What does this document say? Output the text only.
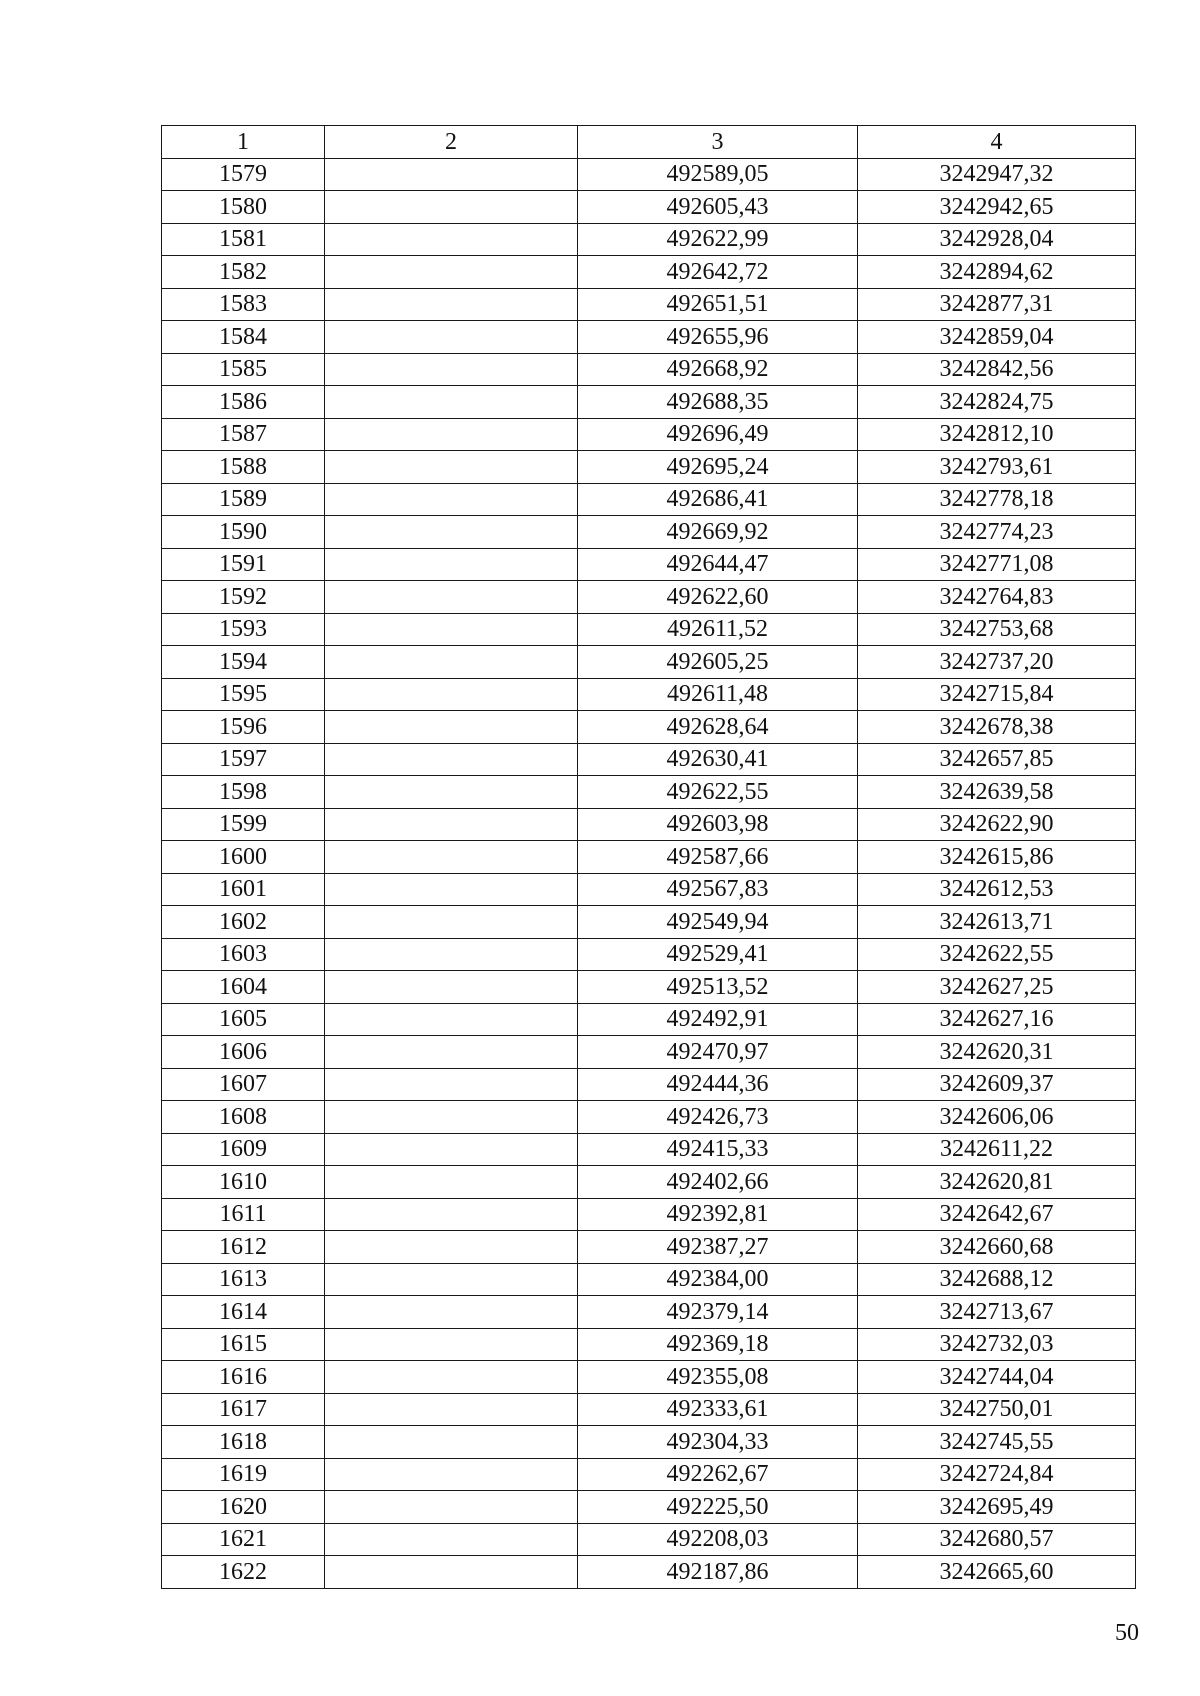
1	2	3	4
1579		492589,05	3242947,32
1580		492605,43	3242942,65
1581		492622,99	3242928,04
1582		492642,72	3242894,62
1583		492651,51	3242877,31
1584		492655,96	3242859,04
1585		492668,92	3242842,56
1586		492688,35	3242824,75
1587		492696,49	3242812,10
1588		492695,24	3242793,61
1589		492686,41	3242778,18
1590		492669,92	3242774,23
1591		492644,47	3242771,08
1592		492622,60	3242764,83
1593		492611,52	3242753,68
1594		492605,25	3242737,20
1595		492611,48	3242715,84
1596		492628,64	3242678,38
1597		492630,41	3242657,85
1598		492622,55	3242639,58
1599		492603,98	3242622,90
1600		492587,66	3242615,86
1601		492567,83	3242612,53
1602		492549,94	3242613,71
1603		492529,41	3242622,55
1604		492513,52	3242627,25
1605		492492,91	3242627,16
1606		492470,97	3242620,31
1607		492444,36	3242609,37
1608		492426,73	3242606,06
1609		492415,33	3242611,22
1610		492402,66	3242620,81
1611		492392,81	3242642,67
1612		492387,27	3242660,68
1613		492384,00	3242688,12
1614		492379,14	3242713,67
1615		492369,18	3242732,03
1616		492355,08	3242744,04
1617		492333,61	3242750,01
1618		492304,33	3242745,55
1619		492262,67	3242724,84
1620		492225,50	3242695,49
1621		492208,03	3242680,57
1622		492187,86	3242665,60
50
